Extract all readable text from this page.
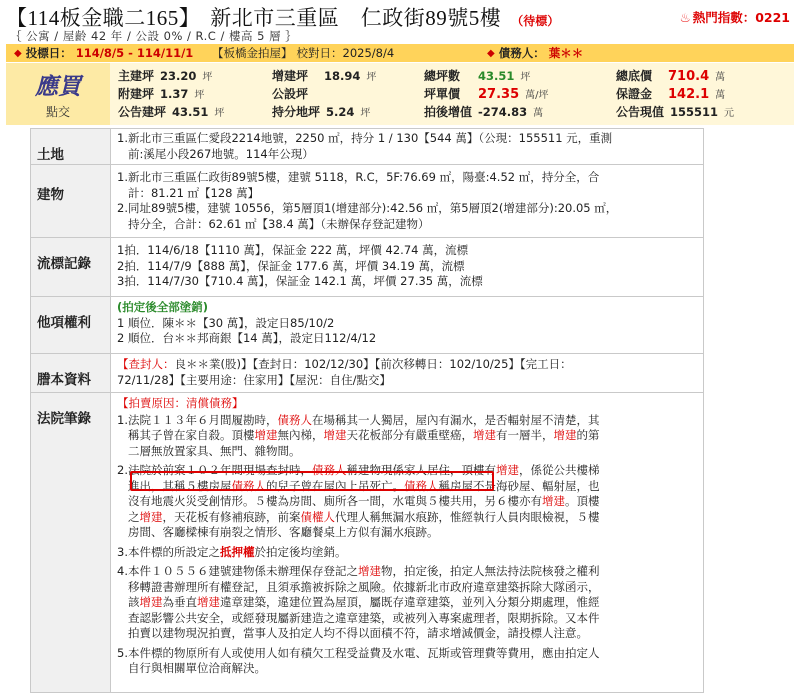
【114板金職二165】 新北市三重區　仁政街89號5樓 （待標）	♨ 熱門指數：0221
｛ 公寓 / 屋齡 42 年 / 公設 0% / R.C / 樓高 5 層 ｝
◆ 投標日： 114/8/5 - 114/11/1 【板橋金拍屋】 校對日：2025/8/4	◆ 債務人： 葉＊＊
應買
點交
主建坪 23.20 坪
附建坪 1.37 坪
公告建坪 43.51 坪
增建坪 18.94 坪
公設坪
持分地坪 5.24 坪
總坪數 43.51 坪
坪單價 27.35 萬/坪
拍後增值 -274.83 萬
總底價 710.4 萬
保證金 142.1 萬
公告現值 155511 元
土地

1.新北市三重區仁愛段2214地號，2250 ㎡，持分 1 / 130【544 萬】（公現：155511 元，重測

前:溪尾小段267地號。114年公現）

建物

1.新北市三重區仁政街89號5樓，建號 5118，R.C，5F:76.69 ㎡，陽臺:4.52 ㎡，持分全，合

計：81.21 ㎡【128 萬】

2.同址89號5樓，建號 10556，第5層頂1(增建部分):42.56 ㎡，第5層頂2(增建部分):20.05 ㎡，

持分全，合計：62.61 ㎡【38.4 萬】（未辦保存登記建物）

流標記錄

1拍．114/6/18【1110 萬】，保証金 222 萬，坪價 42.74 萬，流標

2拍．114/7/9【888 萬】，保証金 177.6 萬，坪價 34.19 萬，流標

3拍．114/7/30【710.4 萬】，保証金 142.1 萬，坪價 27.35 萬，流標

他項權利

(拍定後全部塗銷)

1 順位．陳＊＊【30 萬】，設定日85/10/2

2 順位．台＊＊邦商銀【14 萬】，設定日112/4/12

謄本資料

【查封人：良＊＊業(股)】【查封日：102/12/30】【前次移轉日：102/10/25】【完工日：

72/11/28】【主要用途：住家用】【屋況：自住/點交】

法院筆錄

【拍賣原因：清償債務】

1.法院１１３年６月間履勘時，債務人在場稱其一人獨居，屋內有漏水，是否輻射屋不清楚，其

稱其子曾在家自殺。頂樓增建無內梯，增建天花板部分有嚴重壁癌，增建有一層半，增建的第

二層無放置家具、無門、雜物間。

2.法院於前案１０２年間現場查封時，債務人稱建物現係家人居住，頂樓有增建，係從公共樓梯

進出，其稱５樓房屋債務人的兒子曾在屋內上吊死亡。債務人稱房屋不是海砂屋、輻射屋，也

沒有地震火災受創情形。５樓為房間、廁所各一間，水電與５樓共用，另６樓亦有增建。頂樓

之增建，天花板有修補痕跡，前案債權人代理人稱無漏水痕跡，惟經執行人員肉眼檢視，５樓

房間、客廳樑棟有崩裂之情形、客廳餐桌上方似有漏水痕跡。

3.本件標的所設定之抵押權於拍定後均塗銷。

4.本件１０５５６建號建物係未辦理保存登記之增建物，拍定後，拍定人無法持法院核發之權利

移轉證書辦理所有權登記，且須承擔被拆除之風險。依據新北市政府違章建築拆除大隊函示，

該增建為垂直增建違章建築，違建位置為屋頂，屬既存違章建築，並列入分類分期處理，惟經

查認影響公共安全，或經發現屬新建造之違章建築，或被列入專案處理者，限期拆除。又本件

拍賣以建物現況拍賣，當事人及拍定人均不得以面積不符，請求增減價金，請投標人注意。

5.本件標的物原所有人或使用人如有積欠工程受益費及水電、瓦斯或管理費等費用，應由拍定人

自行與相關單位洽商解決。
